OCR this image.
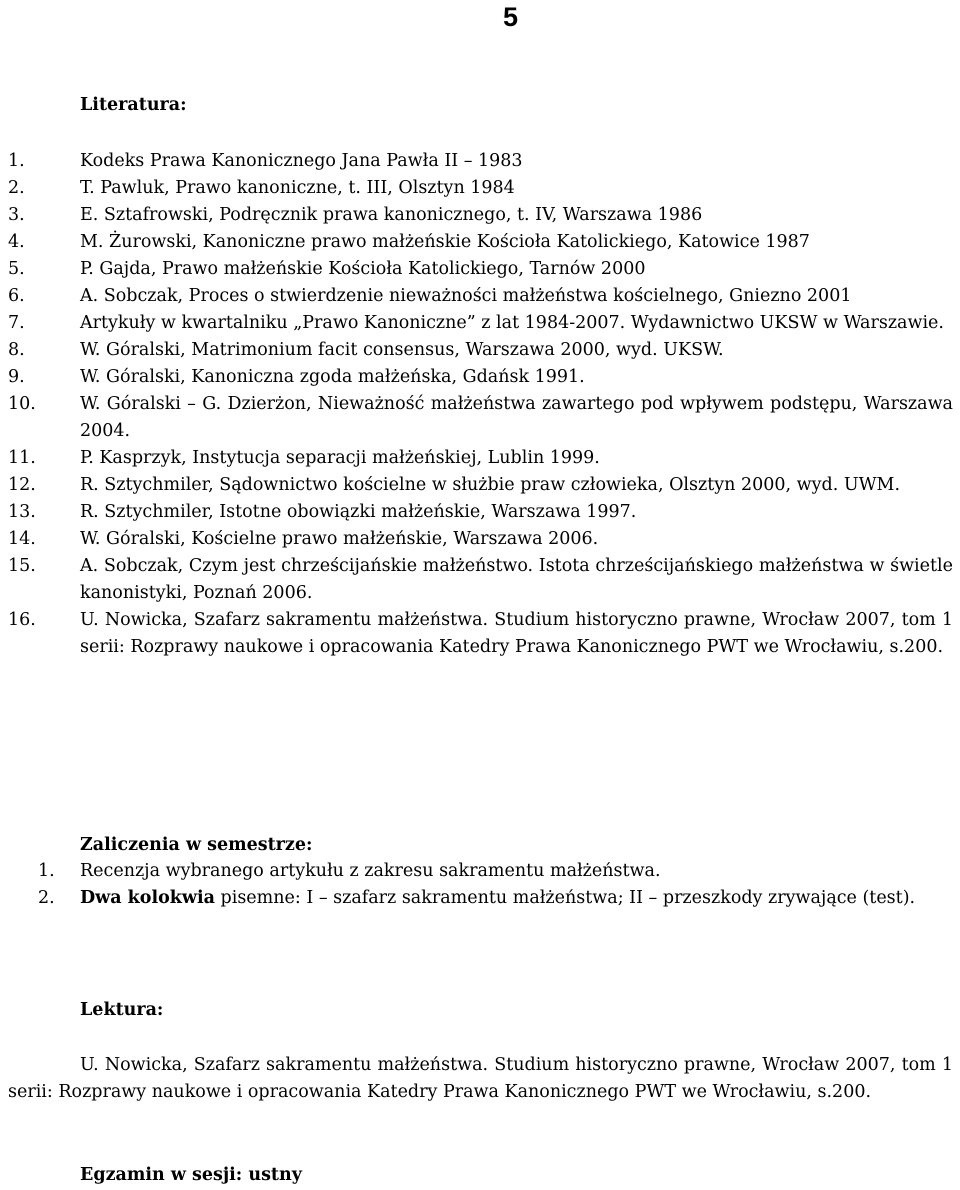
5
Literatura:
1.	Kodeks Prawa Kanonicznego Jana Pawła II – 1983
2.	T. Pawluk, Prawo kanoniczne, t. III, Olsztyn 1984
3.	E. Sztafrowski, Podręcznik prawa kanonicznego, t. IV, Warszawa 1986
4.	M. Żurowski, Kanoniczne prawo małżeńskie Kościoła Katolickiego, Katowice 1987
5.	P. Gajda, Prawo małżeńskie Kościoła Katolickiego, Tarnów 2000
6.	A. Sobczak, Proces o stwierdzenie nieważności małżeństwa kościelnego, Gniezno 2001
7.	Artykuły w kwartalniku „Prawo Kanoniczne” z lat 1984-2007. Wydawnictwo UKSW w Warszawie.
8.	W. Góralski, Matrimonium facit consensus, Warszawa 2000, wyd. UKSW.
9.	W. Góralski, Kanoniczna zgoda małżeńska, Gdańsk 1991.
10.	W. Góralski – G. Dzierżon, Nieważność małżeństwa zawartego pod wpływem podstępu, Warszawa 2004.
11.	P. Kasprzyk, Instytucja separacji małżeńskiej, Lublin 1999.
12.	R. Sztychmiler, Sądownictwo kościelne w służbie praw człowieka, Olsztyn 2000, wyd. UWM.
13.	R. Sztychmiler, Istotne obowiązki małżeńskie, Warszawa 1997.
14.	W. Góralski, Kościelne prawo małżeńskie, Warszawa 2006.
15.	A. Sobczak, Czym jest chrześcijańskie małżeństwo. Istota chrześcijańskiego małżeństwa w świetle kanonistyki, Poznań 2006.
16.	U. Nowicka, Szafarz sakramentu małżeństwa. Studium historyczno prawne, Wrocław 2007, tom 1 serii: Rozprawy naukowe i opracowania Katedry Prawa Kanonicznego PWT we Wrocławiu, s.200.
Zaliczenia w semestrze:
1. Recenzja wybranego artykułu z zakresu sakramentu małżeństwa.
2. Dwa kolokwia pisemne: I – szafarz sakramentu małżeństwa; II – przeszkody zrywające (test).
Lektura:
U. Nowicka, Szafarz sakramentu małżeństwa. Studium historyczno prawne, Wrocław 2007, tom 1 serii: Rozprawy naukowe i opracowania Katedry Prawa Kanonicznego PWT we Wrocławiu, s.200.
Egzamin w sesji: ustny
